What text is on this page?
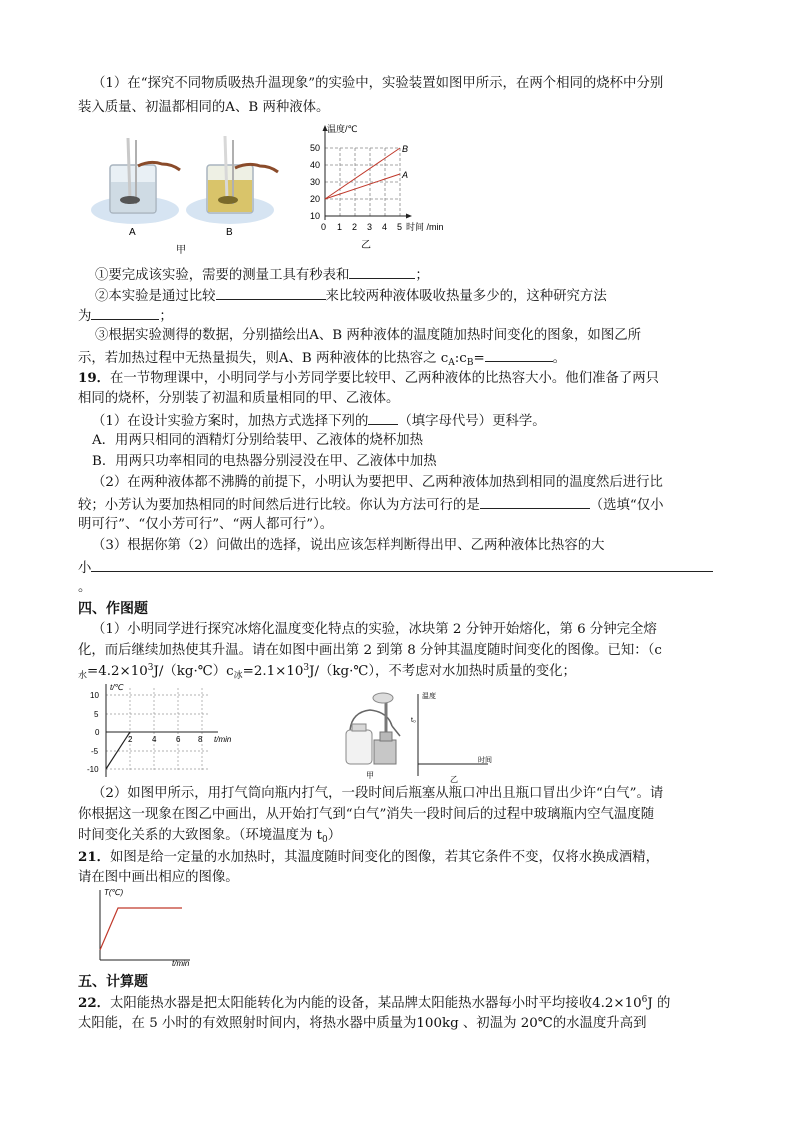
（1）在“探究不同物质吸热升温现象”的实验中，实验装置如图甲所示，在两个相同的烧杯中分别
装入质量、初温都相同的A、B 两种液体。
A	B
甲
温度/℃
50
40
30
20
10
0 1 2 3 4 5 时间 /min
B
A
乙
①要完成该实验，需要的测量工具有秒表和	；
②本实验是通过比较	来比较两种液体吸收热量多少的，这种研究方法
为	；
③根据实验测得的数据，分别描绘出A、B 两种液体的温度随加热时间变化的图象，如图乙所
示，若加热过程中无热量损失，则A、B 两种液体的比热容之 $c_A:c_B=$	。
19．在一节物理课中，小明同学与小芳同学要比较甲、乙两种液体的比热容大小。他们准备了两只
相同的烧杯，分别装了初温和质量相同的甲、乙液体。
（1）在设计实验方案时，加热方式选择下列的 （填字母代号）更科学。
A．用两只相同的酒精灯分别给装甲、乙液体的烧杯加热
B．用两只功率相同的电热器分别浸没在甲、乙液体中加热
（2）在两种液体都不沸腾的前提下，小明认为要把甲、乙两种液体加热到相同的温度然后进行比
较；小芳认为要加热相同的时间然后进行比较。你认为方法可行的是	（选填“仅小
明可行”、“仅小芳可行”、“两人都可行”）。
（3）根据你第（2）问做出的选择，说出应该怎样判断得出甲、乙两种液体比热容的大
小
。
四、作图题
（1）小明同学进行探究冰熔化温度变化特点的实验，冰块第 2 分钟开始熔化，第 6 分钟完全熔
化，而后继续加热使其升温。请在如图中画出第 2 到第 8 分钟其温度随时间变化的图像。已知：（c
$_水=4.2\times 10^3J/(kg\cdot℃)c_冰=2.1\times 10^3J/(kg\cdot℃)$，不考虑对水加热时质量的变化；
t/℃
10
5
0
-5
-10
2 4 6 8 t/min
甲
温度
t₀
时间
乙
（2）如图甲所示，用打气筒向瓶内打气，一段时间后瓶塞从瓶口冲出且瓶口冒出少许“白气”。请
你根据这一现象在图乙中画出，从开始打气到“白气”消失一段时间后的过程中玻璃瓶内空气温度随
时间变化关系的大致图象。（环境温度为 $t_0$）
21．如图是给一定量的水加热时，其温度随时间变化的图像，若其它条件不变，仅将水换成酒精，
请在图中画出相应的图像。
T(℃)
t/min
五、计算题
22．太阳能热水器是把太阳能转化为内能的设备，某品牌太阳能热水器每小时平均接收$4.2\times 10^6J$ 的
太阳能，在 5 小时的有效照射时间内，将热水器中质量为100kg 、初温为 20℃的水温度升高到
